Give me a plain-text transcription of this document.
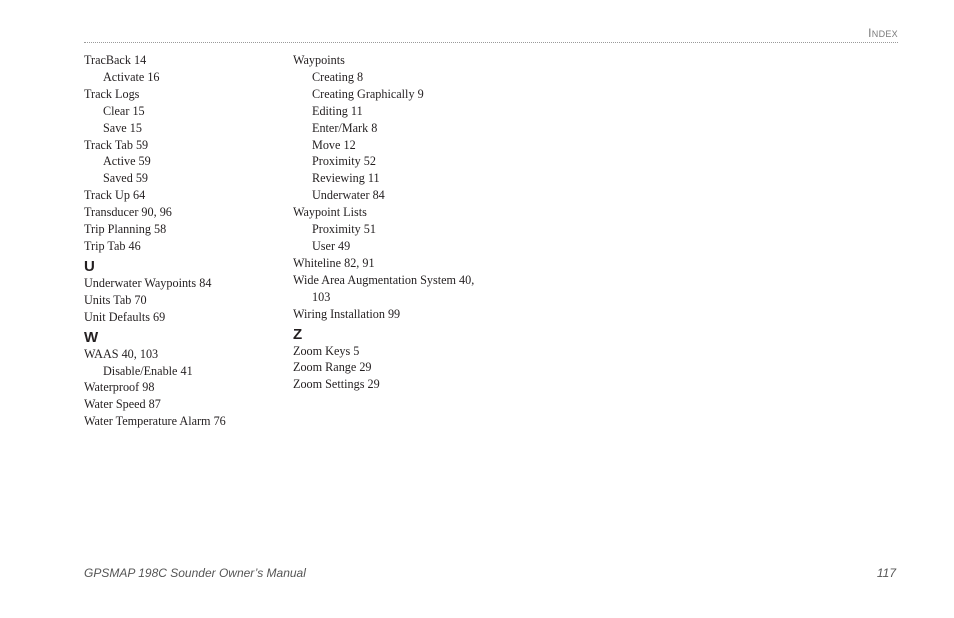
INDEX
TracBack 14
Activate 16
Track Logs
Clear 15
Save 15
Track Tab 59
Active 59
Saved 59
Track Up 64
Transducer 90, 96
Trip Planning 58
Trip Tab 46
U
Underwater Waypoints 84
Units Tab 70
Unit Defaults 69
W
WAAS 40, 103
Disable/Enable 41
Waterproof 98
Water Speed 87
Water Temperature Alarm 76
Waypoints
Creating 8
Creating Graphically 9
Editing 11
Enter/Mark 8
Move 12
Proximity 52
Reviewing 11
Underwater 84
Waypoint Lists
Proximity 51
User 49
Whiteline 82, 91
Wide Area Augmentation System 40,
103
Wiring Installation 99
Z
Zoom Keys 5
Zoom Range 29
Zoom Settings 29
GPSMAP 198C Sounder Owner’s Manual	117
